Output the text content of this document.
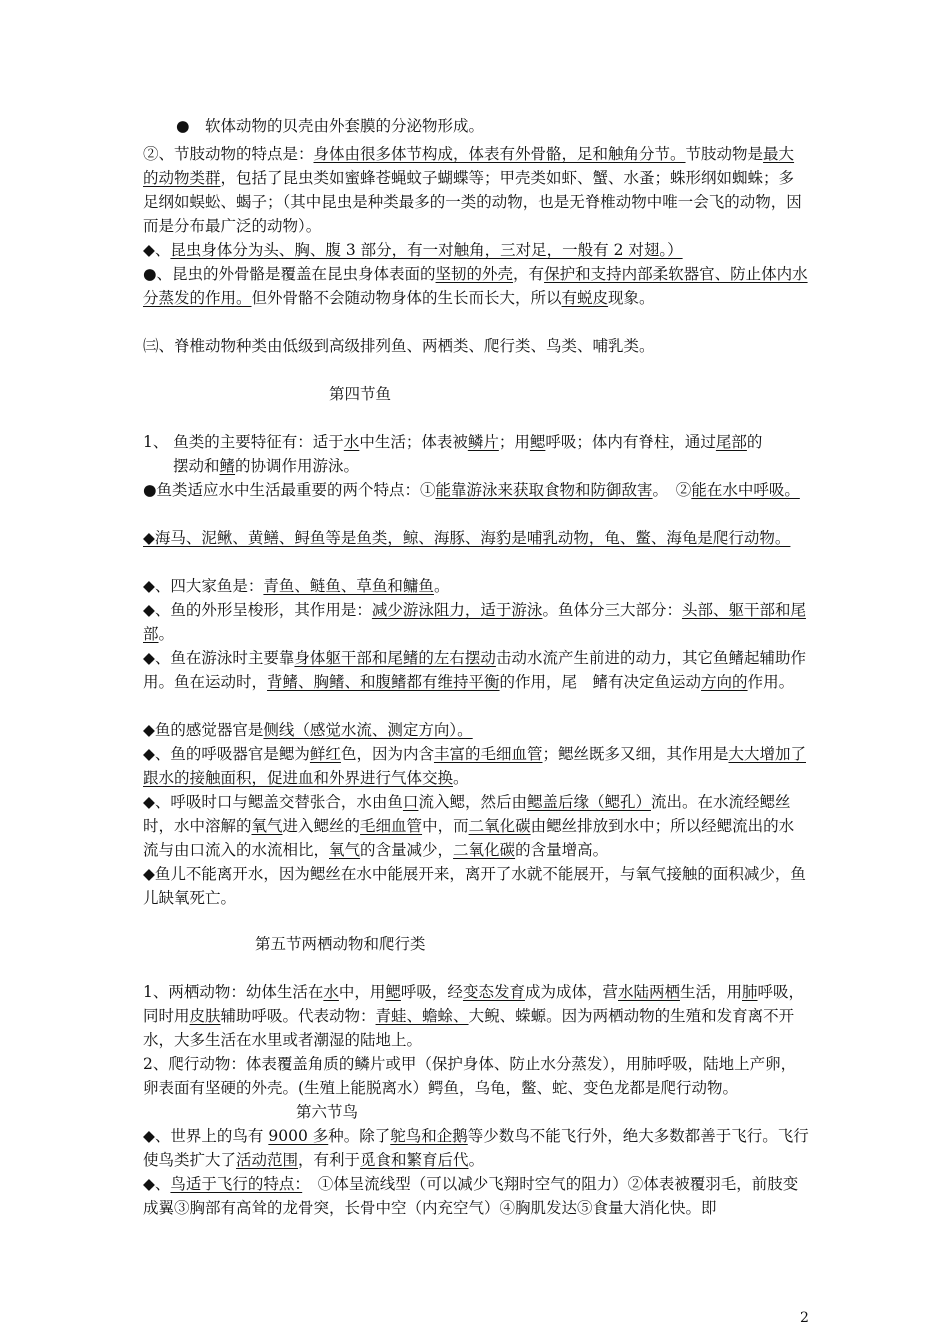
●　软体动物的贝壳由外套膜的分泌物形成。

②、节肢动物的特点是：身体由很多体节构成，体表有外骨骼，足和触角分节。节肢动物是最大的动物类群，包括了昆虫类如蜜蜂苍蝇蚊子蝴蝶等；甲壳类如虾、蟹、水蚤；蛛形纲如蜘蛛；多足纲如蜈蚣、蝎子；（其中昆虫是种类最多的一类的动物，也是无脊椎动物中唯一会飞的动物，因而是分布最广泛的动物）。

◆、昆虫身体分为头、胸、腹 3 部分，有一对触角，三对足，一般有 2 对翅。）

●、昆虫的外骨骼是覆盖在昆虫身体表面的坚韧的外壳，有保护和支持内部柔软器官、防止体内水分蒸发的作用。但外骨骼不会随动物身体的生长而长大，所以有蜕皮现象。

㈢、脊椎动物种类由低级到高级排列鱼、两栖类、爬行类、鸟类、哺乳类。

第四节鱼

1、 鱼类的主要特征有：适于水中生活；体表被鳞片；用鳃呼吸；体内有脊柱，通过尾部的

摆动和鳍的协调作用游泳。

●鱼类适应水中生活最重要的两个特点：①能靠游泳来获取食物和防御敌害。　②能在水中呼吸。

◆海马、泥鳅、黄鳝、鲟鱼等是鱼类，鲸、海豚、海豹是哺乳动物，龟、鳖、海龟是爬行动物。

◆、四大家鱼是：青鱼、鲢鱼、草鱼和鳙鱼。

◆、鱼的外形呈梭形，其作用是：减少游泳阻力，适于游泳。鱼体分三大部分：头部、躯干部和尾部。

◆、鱼在游泳时主要靠身体躯干部和尾鳍的左右摆动击动水流产生前进的动力，其它鱼鳍起辅助作用。鱼在运动时，背鳍、胸鳍、和腹鳍都有维持平衡的作用，尾　鳍有决定鱼运动方向的作用。

◆鱼的感觉器官是侧线（感觉水流、测定方向）。

◆、鱼的呼吸器官是鳃为鲜红色，因为内含丰富的毛细血管；鳃丝既多又细，其作用是大大增加了跟水的接触面积，促进血和外界进行气体交换。

◆、呼吸时口与鳃盖交替张合，水由鱼口流入鳃，然后由鳃盖后缘（鳃孔）流出。在水流经鳃丝时，水中溶解的氧气进入鳃丝的毛细血管中，而二氧化碳由鳃丝排放到水中；所以经鳃流出的水流与由口流入的水流相比，氧气的含量减少，二氧化碳的含量增高。

◆鱼儿不能离开水，因为鳃丝在水中能展开来，离开了水就不能展开，与氧气接触的面积减少，鱼儿缺氧死亡。

第五节两栖动物和爬行类

1、两栖动物：幼体生活在水中，用鳃呼吸，经变态发育成为成体，营水陆两栖生活，用肺呼吸，同时用皮肤辅助呼吸。代表动物：青蛙、蟾蜍、大鲵、蝾螈。因为两栖动物的生殖和发育离不开水，大多生活在水里或者潮湿的陆地上。

2、爬行动物：体表覆盖角质的鳞片或甲（保护身体、防止水分蒸发），用肺呼吸，陆地上产卵，卵表面有坚硬的外壳。(生殖上能脱离水）鳄鱼，乌龟，鳖、蛇、变色龙都是爬行动物。

第六节鸟

◆、世界上的鸟有 9000 多种。除了鸵鸟和企鹅等少数鸟不能飞行外，绝大多数都善于飞行。飞行使鸟类扩大了活动范围，有利于觅食和繁育后代。

◆、鸟适于飞行的特点：　①体呈流线型（可以减少飞翔时空气的阻力）②体表被覆羽毛，前肢变成翼③胸部有高耸的龙骨突，长骨中空（内充空气）④胸肌发达⑤食量大消化快。即

2
